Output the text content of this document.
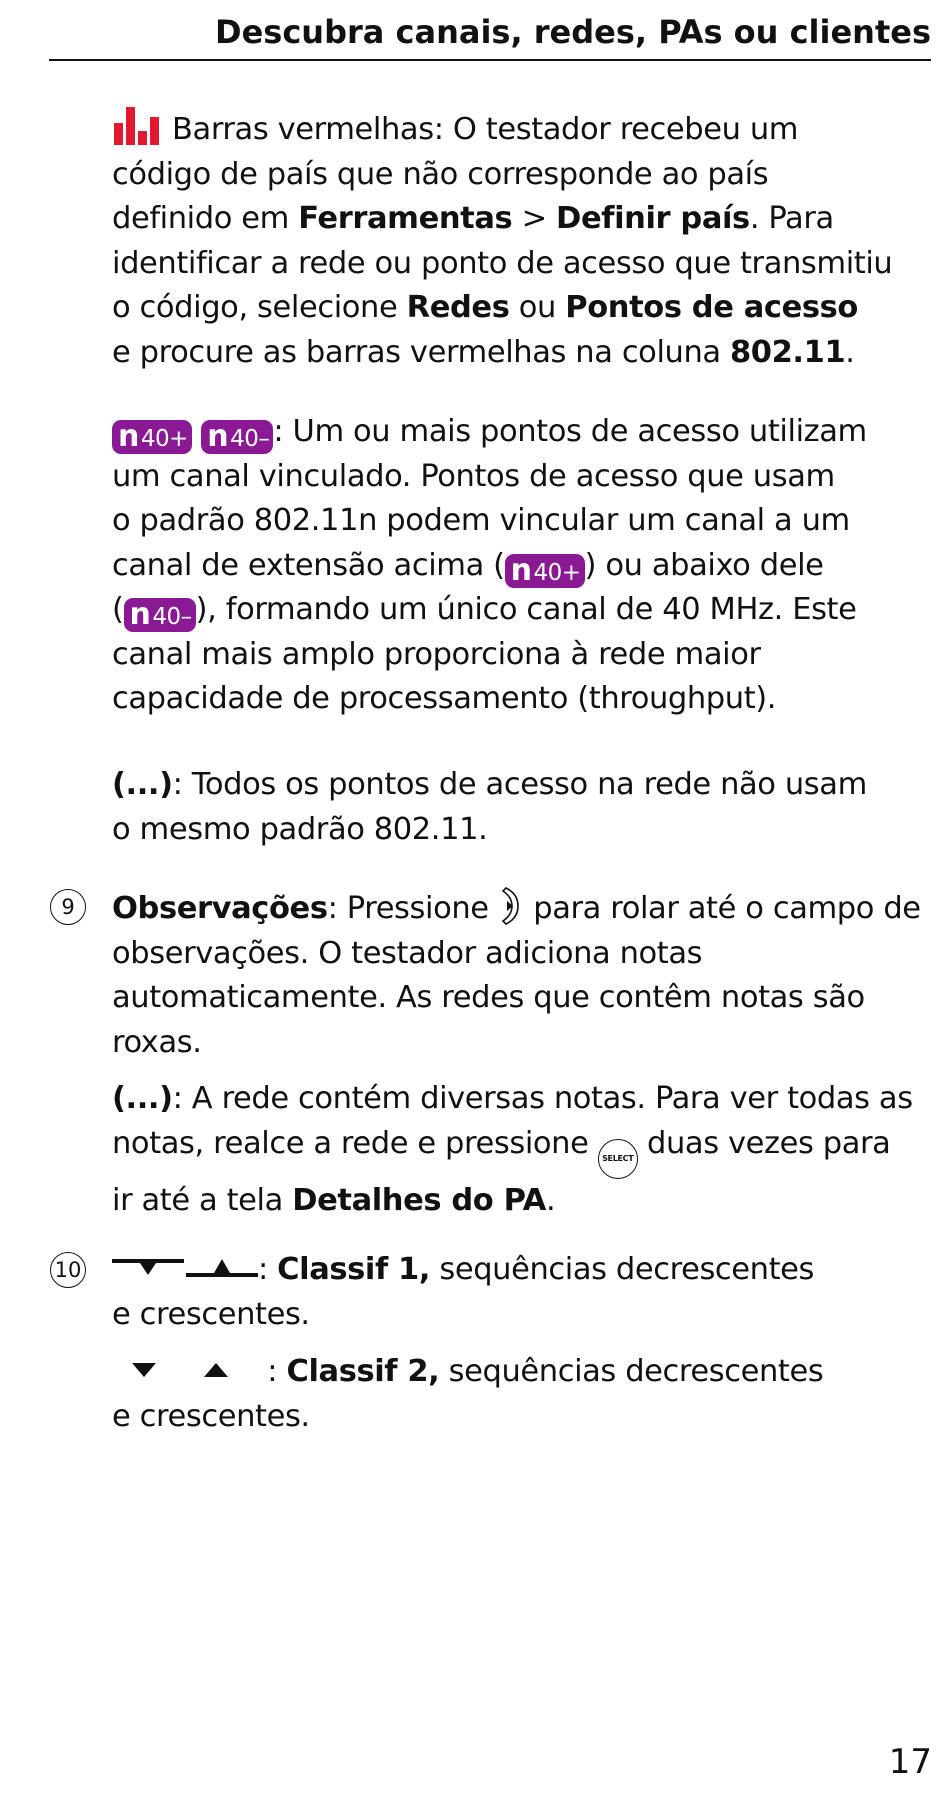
Descubra canais, redes, PAs ou clientes
Barras vermelhas: O testador recebeu um
código de país que não corresponde ao país
definido em Ferramentas > Definir país. Para
identificar a rede ou ponto de acesso que transmitiu
o código, selecione Redes ou Pontos de acesso
e procure as barras vermelhas na coluna 802.11.
n40+ n40– : Um ou mais pontos de acesso utilizam
um canal vinculado. Pontos de acesso que usam
o padrão 802.11n podem vincular um canal a um
canal de extensão acima ( n40+ ) ou abaixo dele
( n40– ), formando um único canal de 40 MHz. Este
canal mais amplo proporciona à rede maior
capacidade de processamento (throughput).
(...): Todos os pontos de acesso na rede não usam
o mesmo padrão 802.11.
9	Observações: Pressione  para rolar até o campo de
observações. O testador adiciona notas
automaticamente. As redes que contêm notas são
roxas.
(...): A rede contém diversas notas. Para ver todas as
notas, realce a rede e pressione SELECT duas vezes para
ir até a tela Detalhes do PA.
10	: Classif 1, sequências decrescentes
e crescentes.
: Classif 2, sequências decrescentes
e crescentes.
17
